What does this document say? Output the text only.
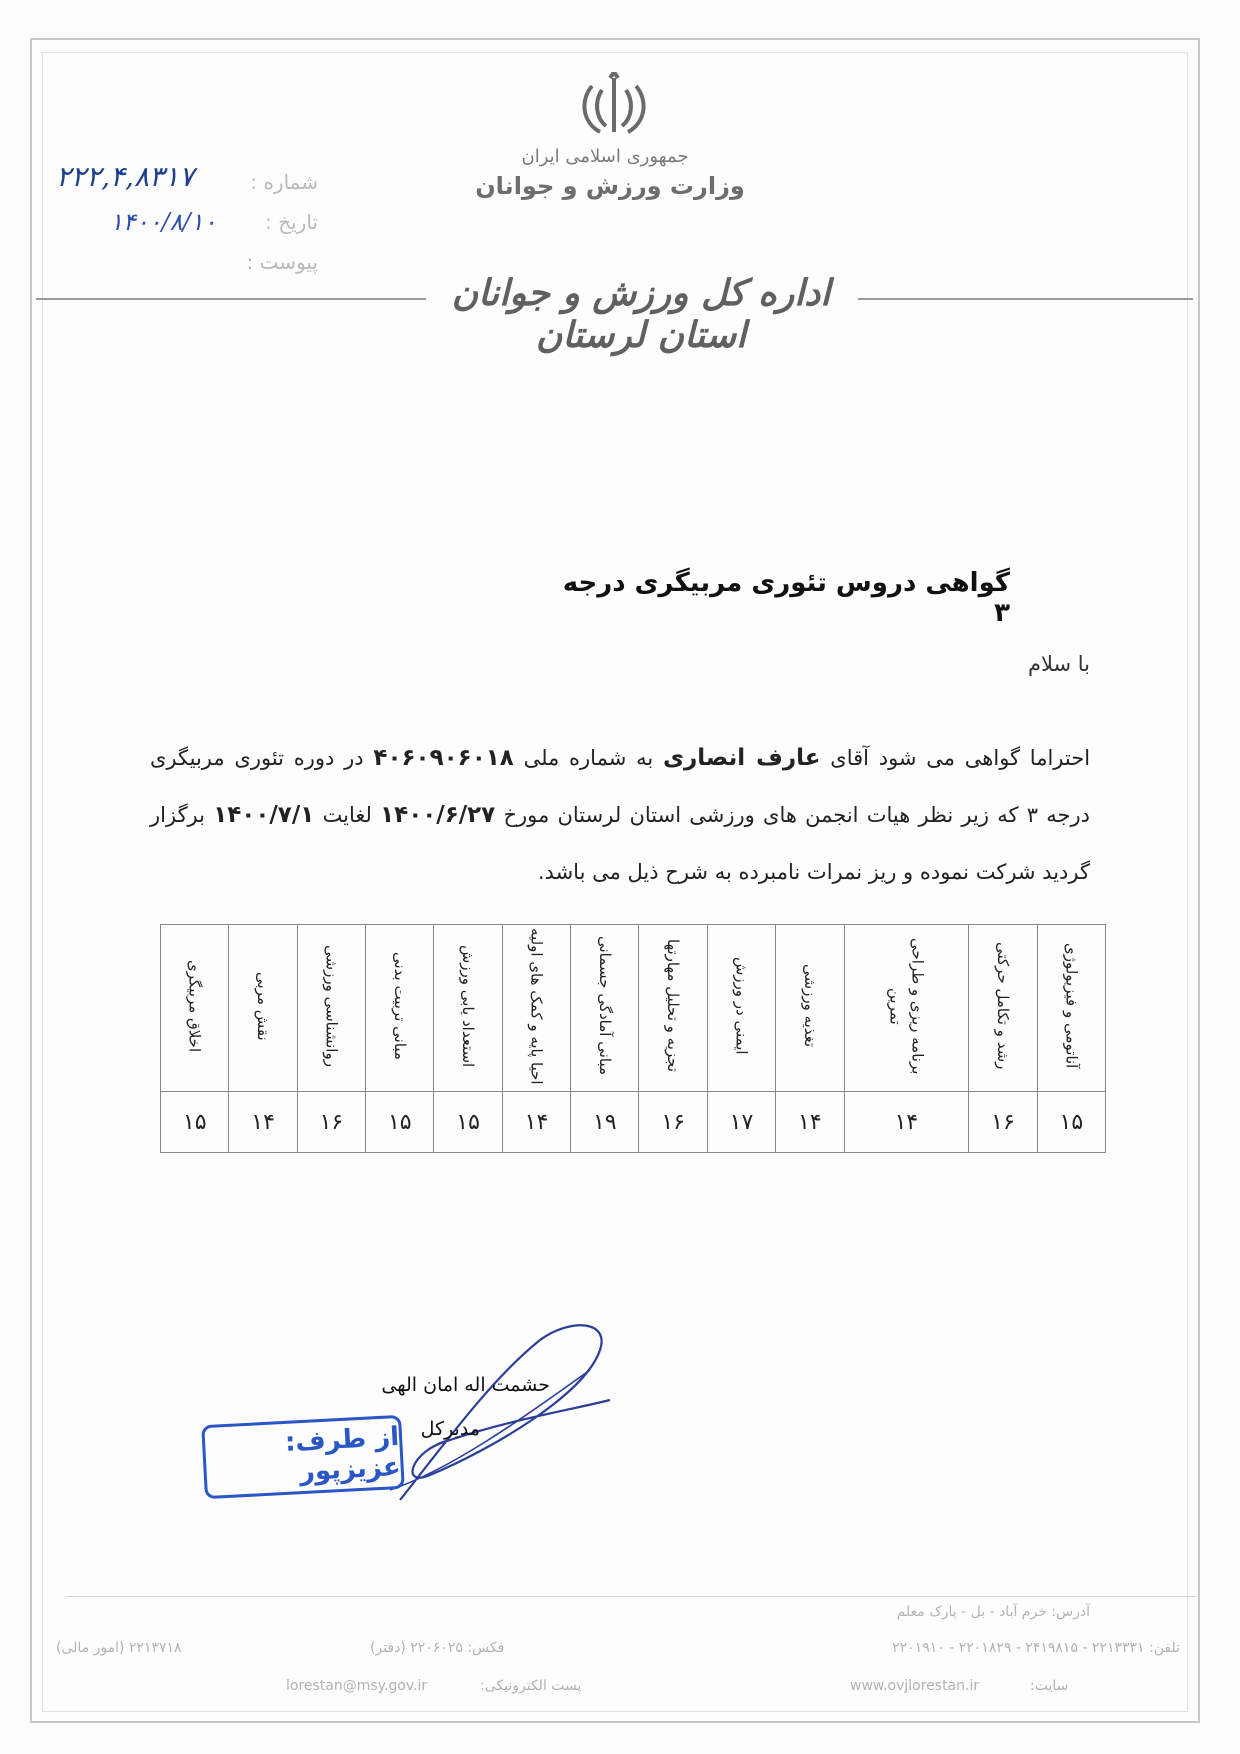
جمهوری اسلامی ایران
وزارت ورزش و جوانان
شماره :
تاریخ :
پیوست :
۲۲۲,۴,۸۳۱۷
۱۴۰۰/۸/۱۰
اداره کل ورزش و جوانان استان لرستان
گواهی دروس تئوری مربیگری درجه ۳
با سلام
احتراما گواهی می شود آقای عارف انصاری به شماره ملی ۴۰۶۰۹۰۶۰۱۸ در دوره تئوری مربیگری درجه ۳ که زیر نظر هیات انجمن های ورزشی استان لرستان مورخ ۱۴۰۰/۶/۲۷ لغایت ۱۴۰۰/۷/۱ برگزار گردید شرکت نموده و ریز نمرات نامبرده به شرح ذیل می باشد.
آناتومی و فیزیولوژی	رشد و تکامل حرکتی	برنامه ریزی و طراحی تمرین	تغذیه ورزشی	ایمنی در ورزش	تجزیه و تحلیل مهارتها	مبانی آمادگی جسمانی	احیا پایه و کمک های اولیه	استعداد یابی ورزش	مبانی تربیت بدنی	روانشناسی ورزشی	نقش مربی	اخلاق مربیگری
۱۵	۱۶	۱۴	۱۴	۱۷	۱۶	۱۹	۱۴	۱۵	۱۵	۱۶	۱۴	۱۵
حشمت اله امان الهی
مدیرکل
از طرف: عزیزپور
آدرس: خرم آباد - بل - پارک معلم
تلفن: ۲۲۱۳۳۳۱ - ۲۴۱۹۸۱۵ - ۲۲۰۱۸۲۹ - ۲۲۰۱۹۱۰
فکس: ۲۲۰۶۰۲۵ (دفتر)
۲۲۱۳۷۱۸ (امور مالی)
پست الکترونیکی:
lorestan@msy.gov.ir	سایت:
www.ovjlorestan.ir
